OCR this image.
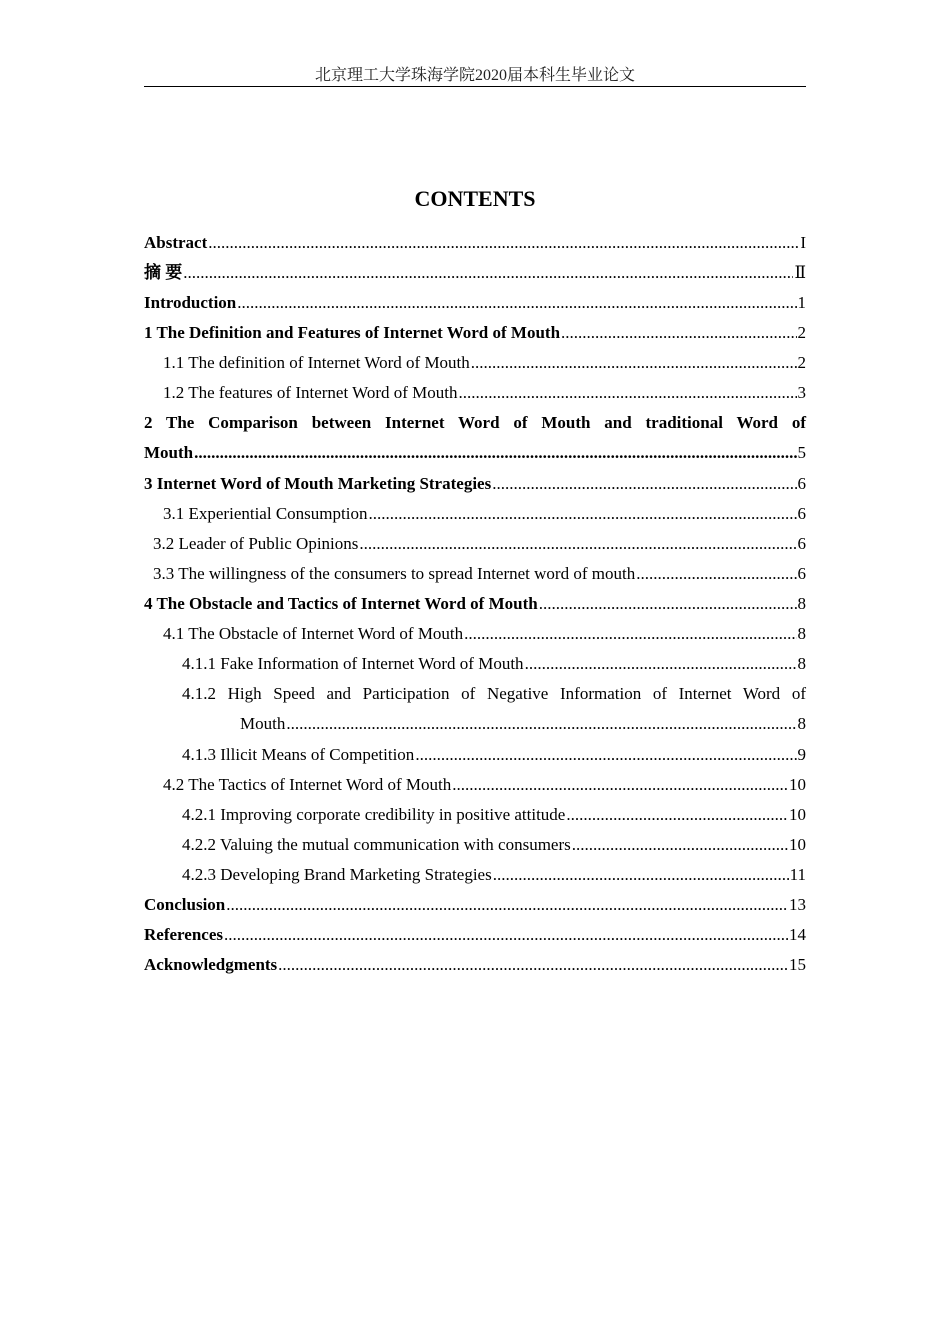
北京理工大学珠海学院2020届本科生毕业论文
CONTENTS
Abstract .....	I
摘 要 .....	Ⅱ
Introduction .....	1
1 The Definition and Features of Internet Word of Mouth .....	2
1.1 The definition of Internet Word of Mouth .....	2
1.2 The features of Internet Word of Mouth .....	3
2 The Comparison between Internet Word of Mouth and traditional Word of
Mouth .....	5
3 Internet Word of Mouth Marketing Strategies .....	6
3.1 Experiential Consumption .....	6
3.2 Leader of Public Opinions .....	6
3.3 The willingness of the consumers to spread Internet word of mouth .....	6
4 The Obstacle and Tactics of Internet Word of Mouth .....	8
4.1 The Obstacle of Internet Word of Mouth .....	8
4.1.1 Fake Information of Internet Word of Mouth .....	8
4.1.2 High Speed and Participation of Negative Information of Internet Word of
Mouth .....	8
4.1.3 Illicit Means of Competition .....	9
4.2 The Tactics of Internet Word of Mouth .....	10
4.2.1 Improving corporate credibility in positive attitude .....	10
4.2.2 Valuing the mutual communication with consumers .....	10
4.2.3 Developing Brand Marketing Strategies .....	11
Conclusion .....	13
References .....	14
Acknowledgments .....	15
